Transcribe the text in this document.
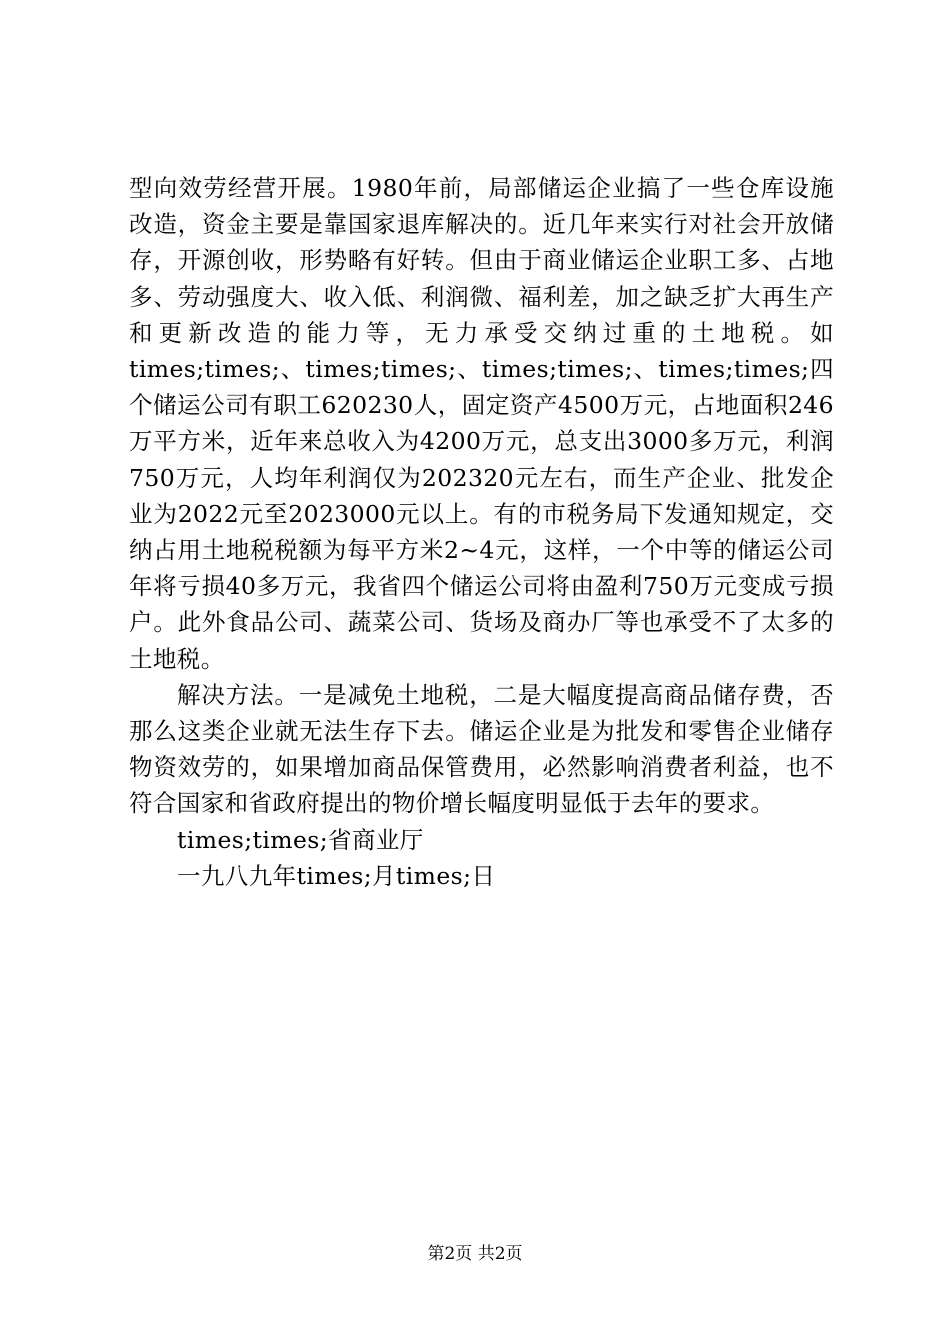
型向效劳经营开展。1980年前，局部储运企业搞了一些仓库设施改造，资金主要是靠国家退库解决的。近几年来实行对社会开放储存，开源创收，形势略有好转。但由于商业储运企业职工多、占地多、劳动强度大、收入低、利润微、福利差，加之缺乏扩大再生产和更新改造的能力等，无力承受交纳过重的土地税。如 times;times;、times;times;、times;times;、times;times;四个储运公司有职工620230人，固定资产4500万元，占地面积246万平方米，近年来总收入为4200万元，总支出3000多万元，利润750万元，人均年利润仅为202320元左右，而生产企业、批发企业为2022元至2023000元以上。有的市税务局下发通知规定，交纳占用土地税税额为每平方米2~4元，这样，一个中等的储运公司年将亏损40多万元，我省四个储运公司将由盈利750万元变成亏损户。此外食品公司、蔬菜公司、货场及商办厂等也承受不了太多的土地税。

解决方法。一是减免土地税，二是大幅度提高商品储存费，否那么这类企业就无法生存下去。储运企业是为批发和零售企业储存物资效劳的，如果增加商品保管费用，必然影响消费者利益，也不符合国家和省政府提出的物价增长幅度明显低于去年的要求。

times;times;省商业厅

一九八九年times;月times;日

第2页 共2页
